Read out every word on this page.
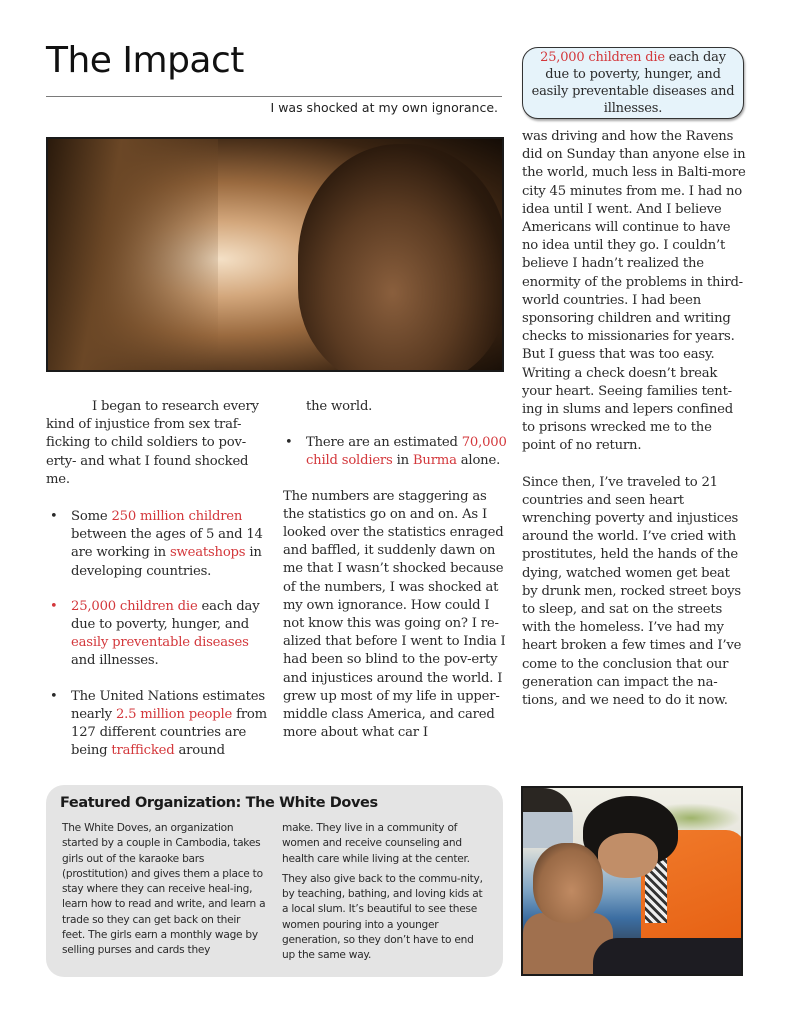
The Impact
I was shocked at my own ignorance.
25,000 children die each day due to poverty, hunger, and easily preventable diseases and illnesses.

I began to research every kind of injustice from sex traf-ficking to child soldiers to pov-erty- and what I found shocked me.

• Some 250 million children between the ages of 5 and 14 are working in sweatshops in developing countries.
• 25,000 children die each day due to poverty, hunger, and easily preventable diseases and illnesses.
• The United Nations estimates nearly 2.5 million people from 127 different countries are being trafficked around

the world.

• There are an estimated 70,000 child soldiers in Burma alone.

The numbers are staggering as the statistics go on and on. As I looked over the statistics enraged and baffled, it suddenly dawn on me that I wasn’t shocked because of the numbers, I was shocked at my own ignorance. How could I not know this was going on? I re-alized that before I went to India I had been so blind to the pov-erty and injustices around the world. I grew up most of my life in upper-middle class America, and cared more about what car I

was driving and how the Ravens did on Sunday than anyone else in the world, much less in Balti-more city 45 minutes from me. I had no idea until I went. And I believe Americans will continue to have no idea until they go. I couldn’t believe I hadn’t realized the enormity of the problems in third-world countries. I had been sponsoring children and writing checks to missionaries for years. But I guess that was too easy. Writing a check doesn’t break your heart. Seeing families tent-ing in slums and lepers confined to prisons wrecked me to the point of no return.

Since then, I’ve traveled to 21 countries and seen heart wrenching poverty and injustices around the world. I’ve cried with prostitutes, held the hands of the dying, watched women get beat by drunk men, rocked street boys to sleep, and sat on the streets with the homeless. I’ve had my heart broken a few times and I’ve come to the conclusion that our generation can impact the na-tions, and we need to do it now.

Featured Organization: The White Doves

The White Doves, an organization started by a couple in Cambodia, takes girls out of the karaoke bars (prostitution) and gives them a place to stay where they can receive heal-ing, learn how to read and write, and learn a trade so they can get back on their feet. The girls earn a monthly wage by selling purses and cards they

make. They live in a community of women and receive counseling and health care while living at the center.

They also give back to the commu-nity, by teaching, bathing, and loving kids at a local slum. It’s beautiful to see these women pouring into a younger generation, so they don’t have to end up the same way.
